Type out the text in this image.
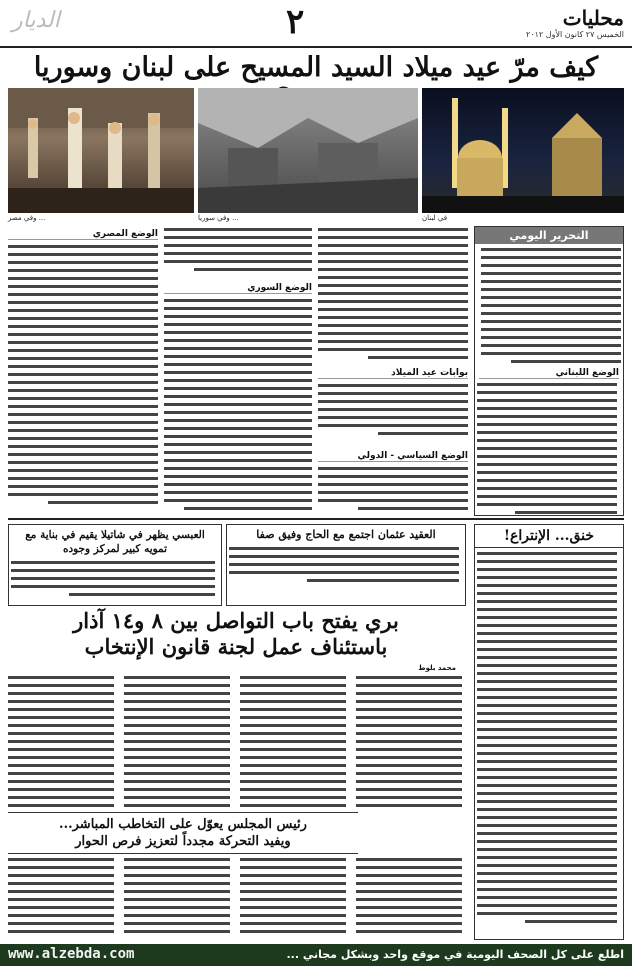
محليات
الخميس ٢٧ كانون الأول ٢٠١٢
٢
الديار
كيف مرّ عيد ميلاد السيد المسيح على لبنان وسوريا
... وفي مصر	... وفي سوريا	في لبنان
التحرير اليومي
الوضع اللبناني
بوابات عيد الميلاد
الوضع السياسي - الدولي
الوضع السوري
الوضع المصري
خنق... الإنتراع!
العقيد عثمان اجتمع مع الحاج وفيق صفا
العبسي يظهر في شاتيلا يقيم في بناية مع تمويه كبير لمركز وجوده
بري يفتح باب التواصل بين ٨ و١٤ آذار
باستئناف عمل لجنة قانون الإنتخاب
محمد بلوط
رئيس المجلس يعوّل على التخاطب المباشر...
ويفيد التحركة مجدداً لتعزيز فرص الحوار
www.alzebda.com	اطلع على كل الصحف اليومية في موقع واحد وبشكل مجاني ...
